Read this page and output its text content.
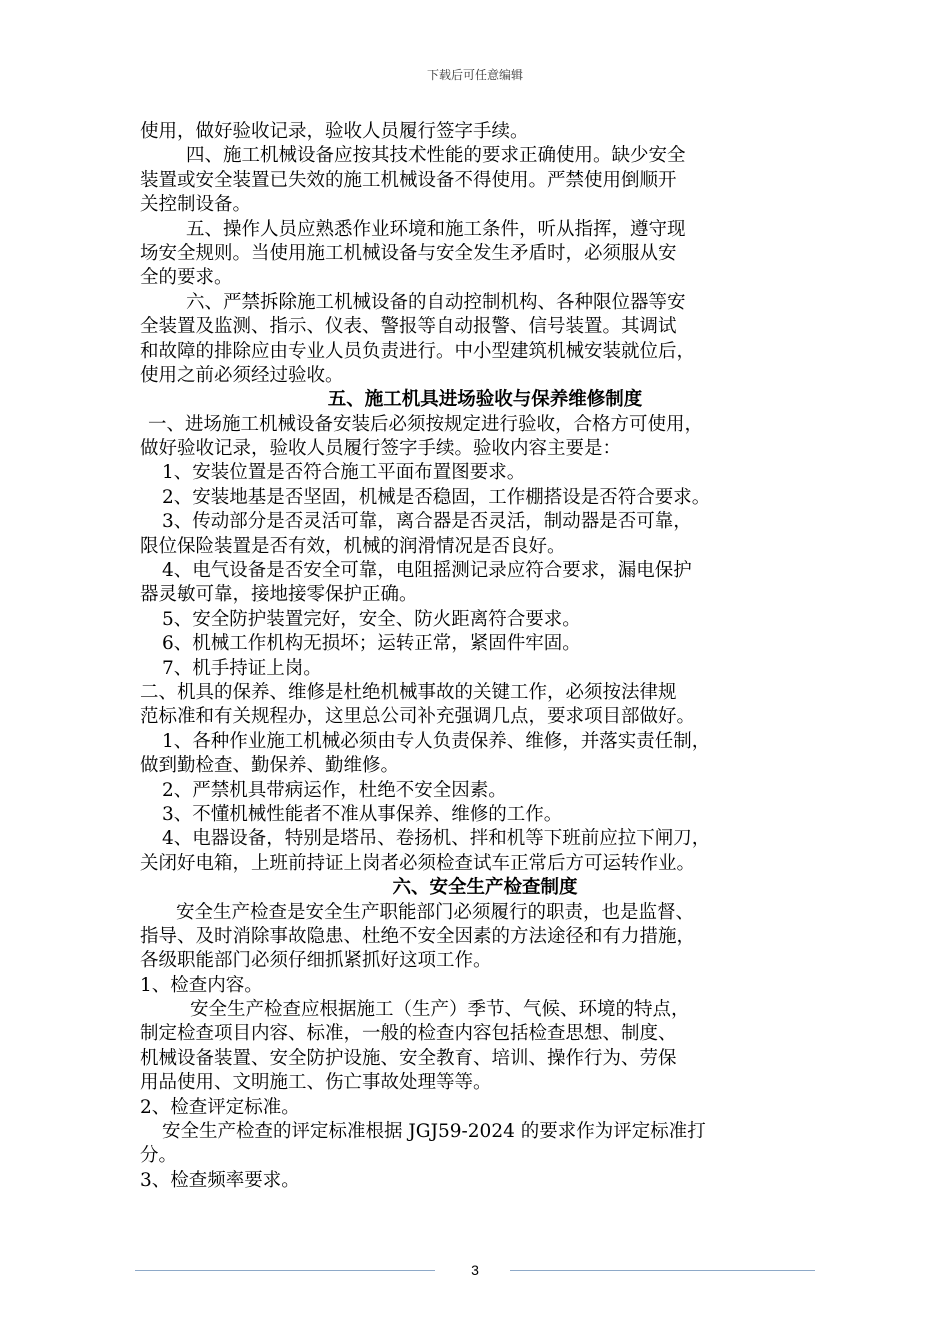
下载后可任意编辑
使用，做好验收记录，验收人员履行签字手续。
四、施工机械设备应按其技术性能的要求正确使用。缺少安全
装置或安全装置已失效的施工机械设备不得使用。严禁使用倒顺开
关控制设备。
五、操作人员应熟悉作业环境和施工条件，听从指挥，遵守现
场安全规则。当使用施工机械设备与安全发生矛盾时，必须服从安
全的要求。
六、严禁拆除施工机械设备的自动控制机构、各种限位器等安
全装置及监测、指示、仪表、警报等自动报警、信号装置。其调试
和故障的排除应由专业人员负责进行。中小型建筑机械安装就位后，
使用之前必须经过验收。
五、施工机具进场验收与保养维修制度
一、进场施工机械设备安装后必须按规定进行验收，合格方可使用，
做好验收记录，验收人员履行签字手续。验收内容主要是：
1、安装位置是否符合施工平面布置图要求。
2、安装地基是否坚固，机械是否稳固，工作棚搭设是否符合要求。
3、传动部分是否灵活可靠，离合器是否灵活，制动器是否可靠，
限位保险装置是否有效，机械的润滑情况是否良好。
4、电气设备是否安全可靠，电阻摇测记录应符合要求，漏电保护
器灵敏可靠，接地接零保护正确。
5、安全防护装置完好，安全、防火距离符合要求。
6、机械工作机构无损坏；运转正常，紧固件牢固。
7、机手持证上岗。
二、机具的保养、维修是杜绝机械事故的关键工作，必须按法律规
范标准和有关规程办，这里总公司补充强调几点，要求项目部做好。
1、各种作业施工机械必须由专人负责保养、维修，并落实责任制，
做到勤检查、勤保养、勤维修。
2、严禁机具带病运作，杜绝不安全因素。
3、不懂机械性能者不准从事保养、维修的工作。
4、电器设备，特别是塔吊、卷扬机、拌和机等下班前应拉下闸刀，
关闭好电箱，上班前持证上岗者必须检查试车正常后方可运转作业。
六、安全生产检查制度
安全生产检查是安全生产职能部门必须履行的职责，也是监督、
指导、及时消除事故隐患、杜绝不安全因素的方法途径和有力措施，
各级职能部门必须仔细抓紧抓好这项工作。
1、检查内容。
安全生产检查应根据施工（生产）季节、气候、环境的特点，
制定检查项目内容、标准，一般的检查内容包括检查思想、制度、
机械设备装置、安全防护设施、安全教育、培训、操作行为、劳保
用品使用、文明施工、伤亡事故处理等等。
2、检查评定标准。
安全生产检查的评定标准根据 JGJ59-2024 的要求作为评定标准打
分。
3、检查频率要求。
3
